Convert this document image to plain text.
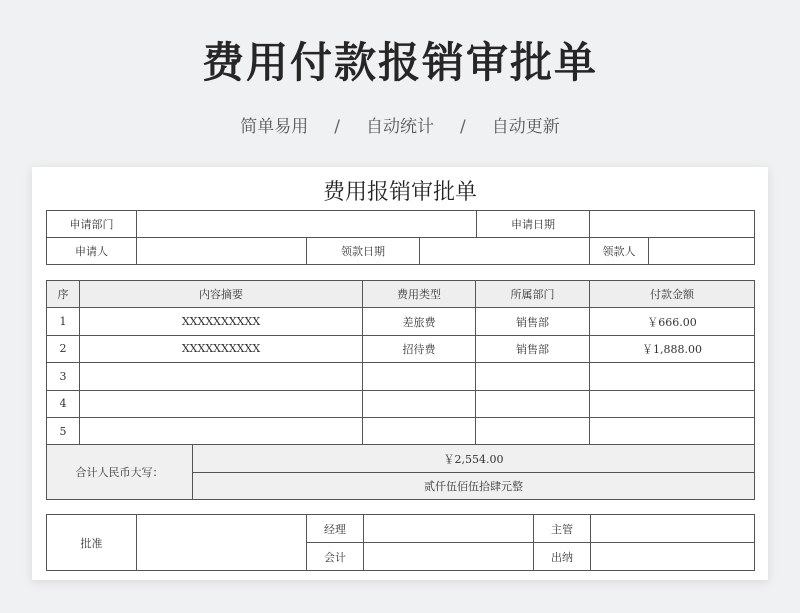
费用付款报销审批单
简单易用 / 自动统计 / 自动更新
费用报销审批单
申请部门				申请日期	
申请人		领款日期			领款人
序	内容摘要		费用类型	所属部门	付款金额
1	XXXXXXXXXX		差旅费	销售部	￥666.00
2	XXXXXXXXXX		招待费	销售部	￥1,888.00
3					
4					
5					
合计人民币大写：		￥2,554.00			
		贰仟伍佰伍拾肆元整			
批准		经理		主管	
		会计		出纳	
